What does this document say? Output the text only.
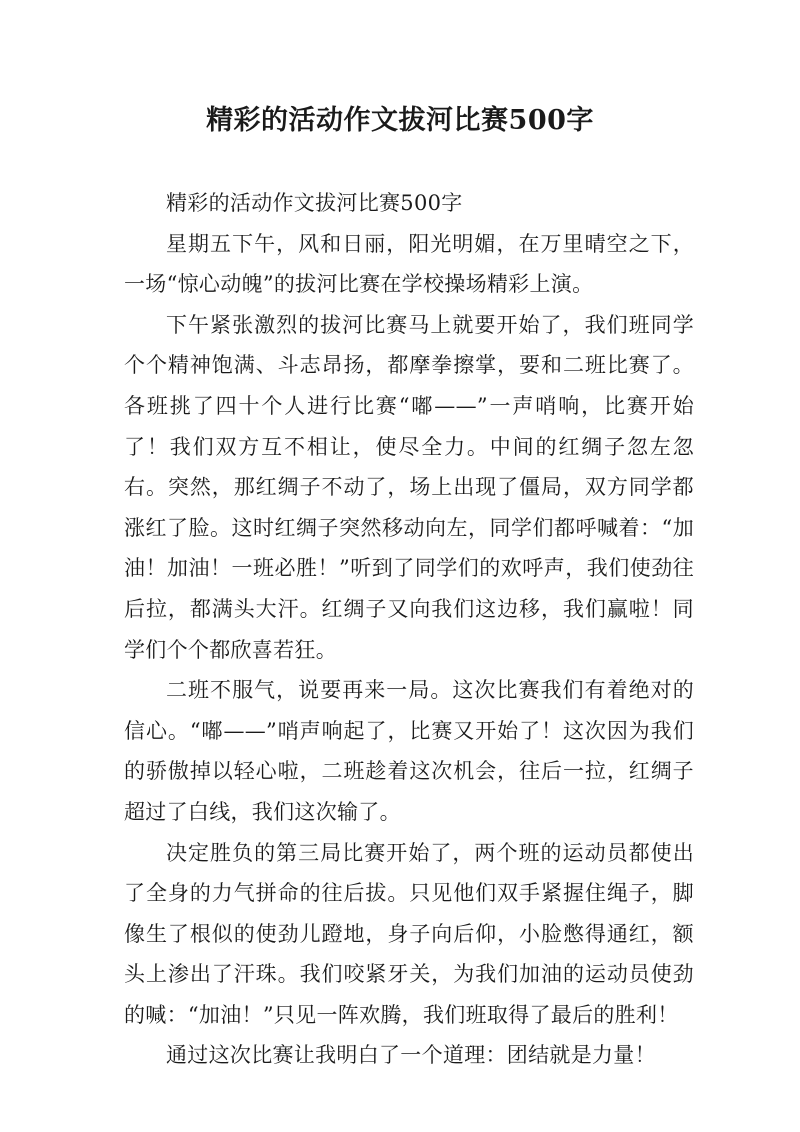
精彩的活动作文拔河比赛500字

精彩的活动作文拔河比赛500字

星期五下午，风和日丽，阳光明媚，在万里晴空之下，一场“惊心动魄”的拔河比赛在学校操场精彩上演。

下午紧张激烈的拔河比赛马上就要开始了，我们班同学个个精神饱满、斗志昂扬，都摩拳擦掌，要和二班比赛了。各班挑了四十个人进行比赛“嘟——”一声哨响，比赛开始了！我们双方互不相让，使尽全力。中间的红绸子忽左忽右。突然，那红绸子不动了，场上出现了僵局，双方同学都涨红了脸。这时红绸子突然移动向左，同学们都呼喊着：“加油！加油！一班必胜！”听到了同学们的欢呼声，我们使劲往后拉，都满头大汗。红绸子又向我们这边移，我们赢啦！同学们个个都欣喜若狂。

二班不服气，说要再来一局。这次比赛我们有着绝对的信心。“嘟——”哨声响起了，比赛又开始了！这次因为我们的骄傲掉以轻心啦，二班趁着这次机会，往后一拉，红绸子超过了白线，我们这次输了。

决定胜负的第三局比赛开始了，两个班的运动员都使出了全身的力气拼命的往后拔。只见他们双手紧握住绳子，脚像生了根似的使劲儿蹬地，身子向后仰，小脸憋得通红，额头上渗出了汗珠。我们咬紧牙关，为我们加油的运动员使劲的喊：“加油！”只见一阵欢腾，我们班取得了最后的胜利！

通过这次比赛让我明白了一个道理：团结就是力量！
